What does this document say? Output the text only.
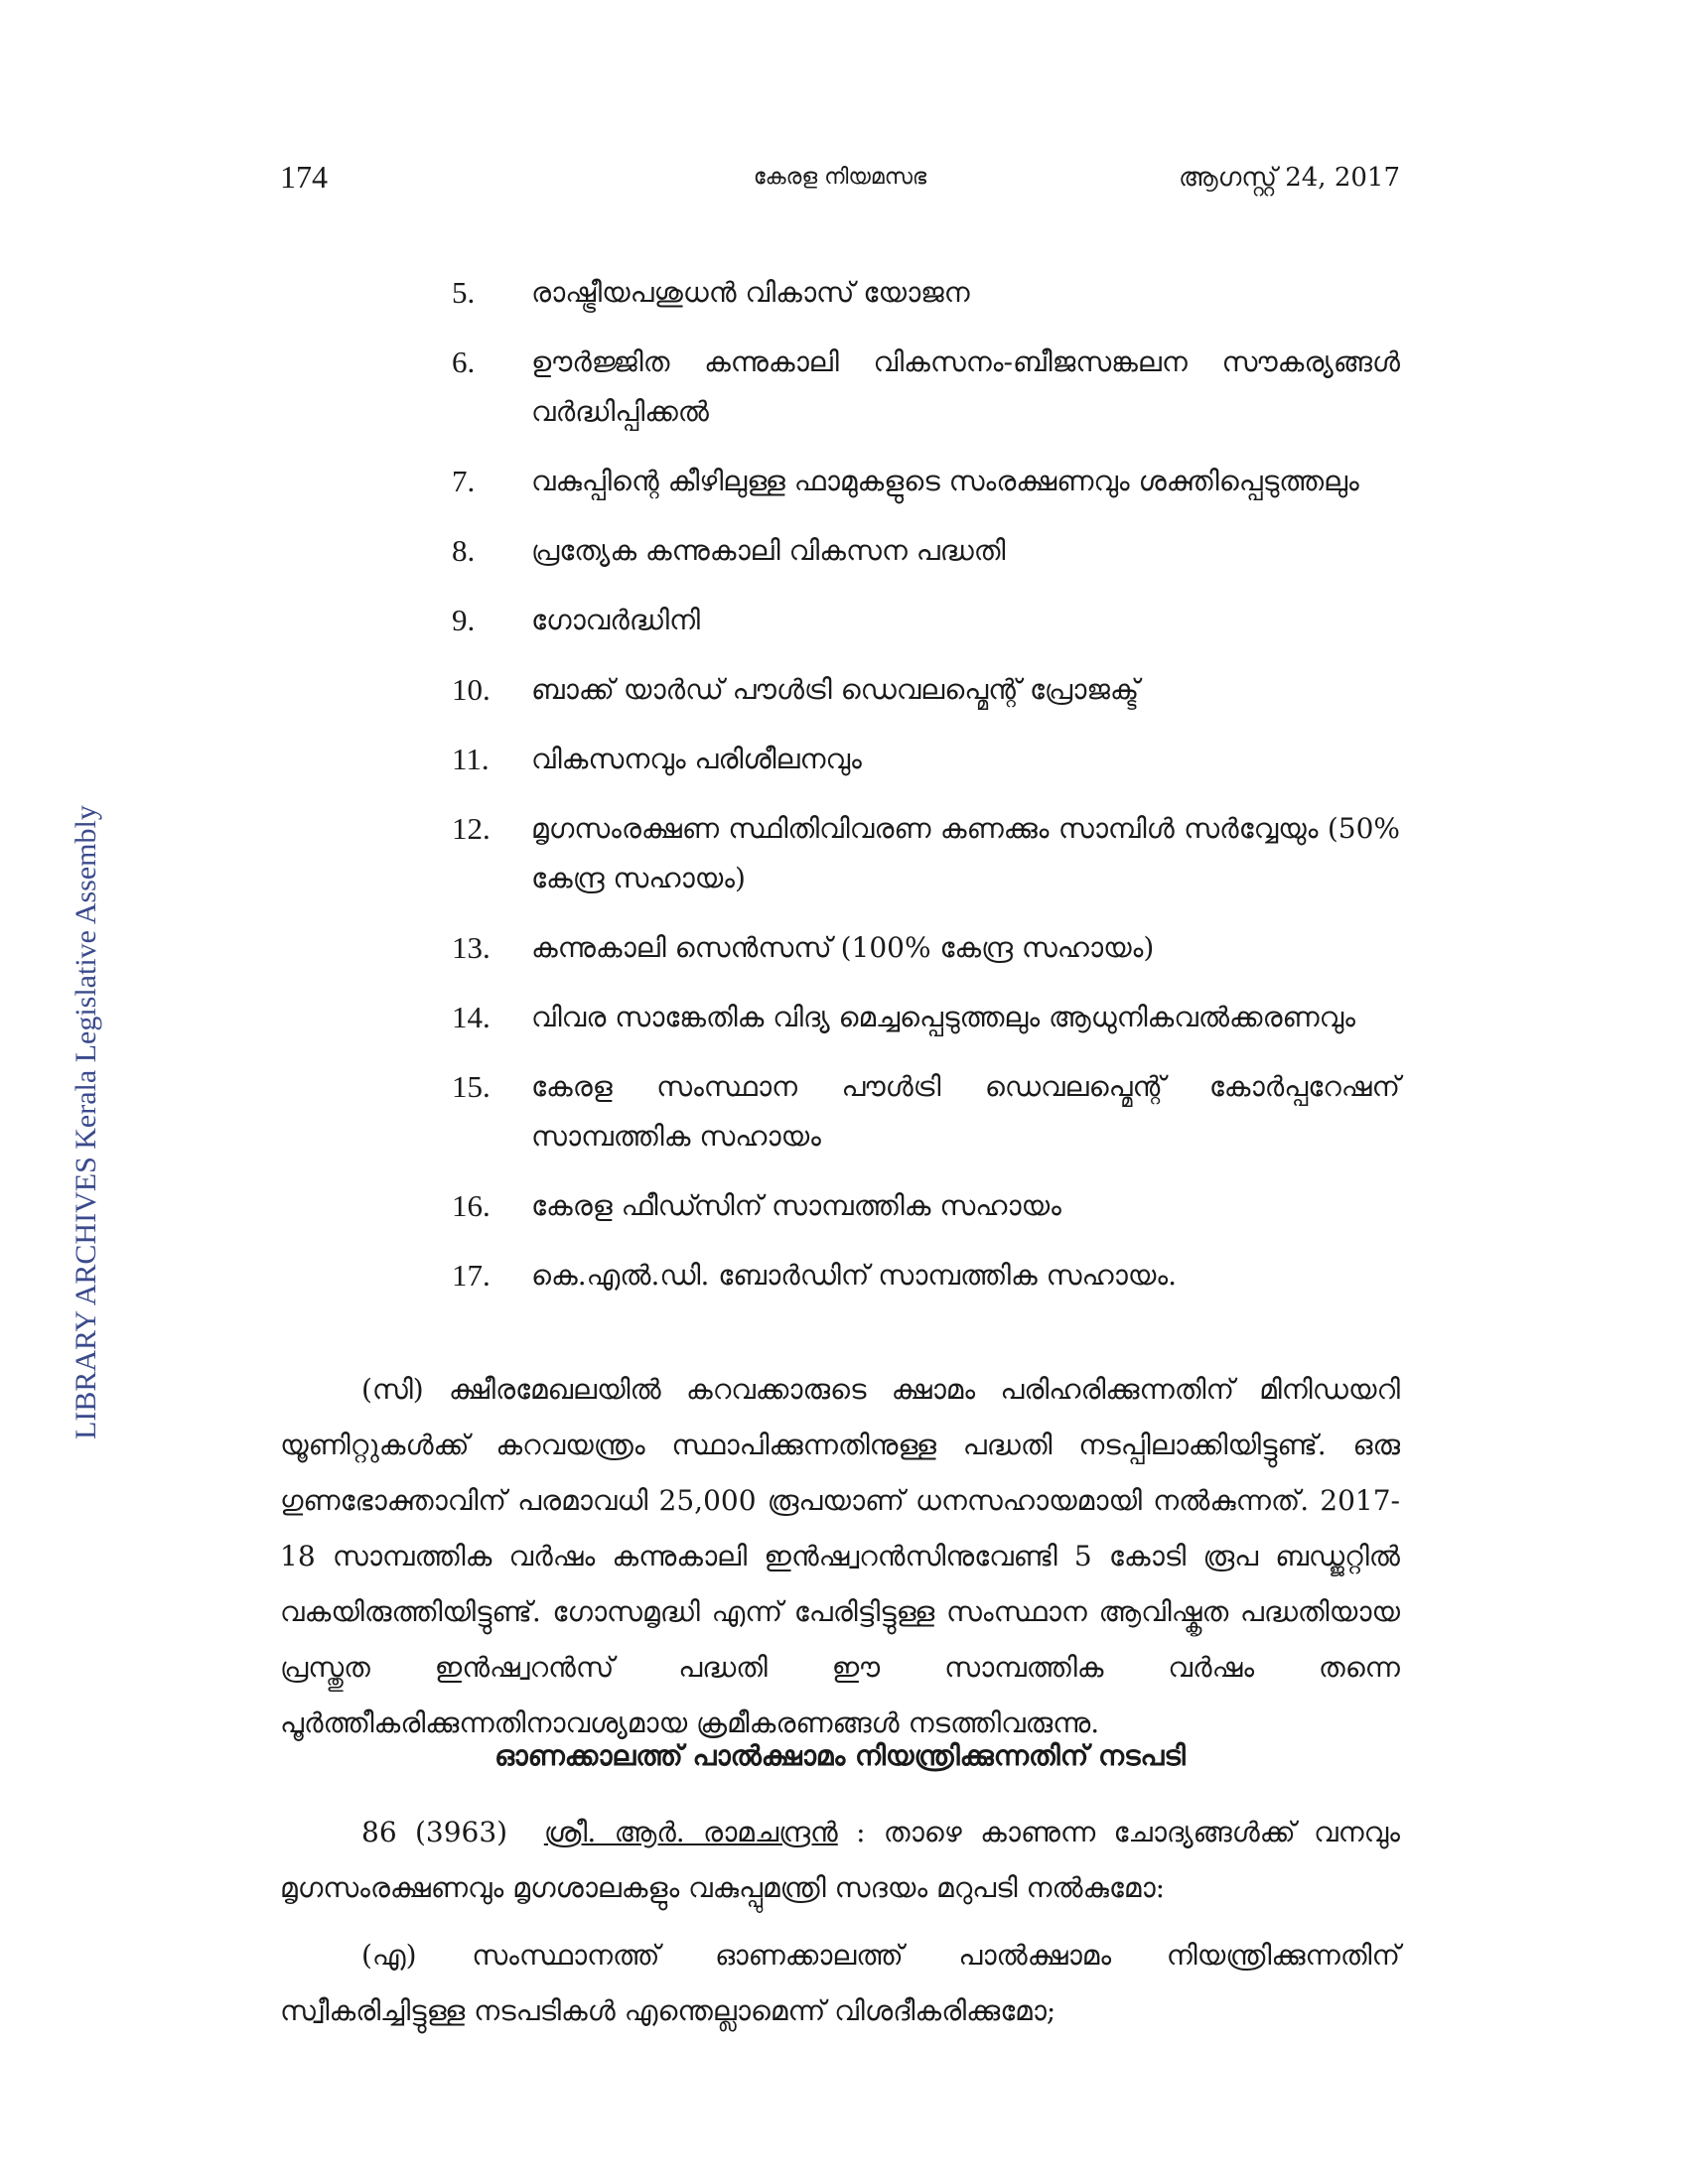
174	കേരള നിയമസഭ	ആഗസ്റ്റ് 24, 2017
LIBRARY ARCHIVES Kerala Legislative Assembly
5. രാഷ്ട്രീയപശുധൻ വികാസ് യോജന
6. ഊർജ്ജിത കന്നുകാലി വികസനം-ബീജസങ്കലന സൗകര്യങ്ങൾ വർദ്ധിപ്പിക്കൽ
7. വകുപ്പിന്റെ കീഴിലുള്ള ഫാമുകളുടെ സംരക്ഷണവും ശക്തിപ്പെടുത്തലും
8. പ്രത്യേക കന്നുകാലി വികസന പദ്ധതി
9. ഗോവർദ്ധിനി
10. ബാക്ക് യാർഡ് പൗൾട്രി ഡെവലപ്മെന്റ് പ്രോജക്ട്
11. വികസനവും പരിശീലനവും
12. മൃഗസംരക്ഷണ സ്ഥിതിവിവരണ കണക്കും സാമ്പിൾ സർവ്വേയും (50% കേന്ദ്ര സഹായം)
13. കന്നുകാലി സെൻസസ് (100% കേന്ദ്ര സഹായം)
14. വിവര സാങ്കേതിക വിദ്യ മെച്ചപ്പെടുത്തലും ആധുനികവൽക്കരണവും
15. കേരള സംസ്ഥാന പൗൾട്രി ഡെവലപ്മെന്റ് കോർപ്പറേഷന് സാമ്പത്തിക സഹായം
16. കേരള ഫീഡ്സിന് സാമ്പത്തിക സഹായം
17. കെ.എൽ.ഡി. ബോർഡിന് സാമ്പത്തിക സഹായം.
(സി) ക്ഷീരമേഖലയിൽ കറവക്കാരുടെ ക്ഷാമം പരിഹരിക്കുന്നതിന് മിനിഡയറി യൂണിറ്റുകൾക്ക് കറവയന്ത്രം സ്ഥാപിക്കുന്നതിനുള്ള പദ്ധതി നടപ്പിലാക്കിയിട്ടുണ്ട്. ഒരു ഗുണഭോക്താവിന് പരമാവധി 25,000 രൂപയാണ് ധനസഹായമായി നൽകുന്നത്. 2017-18 സാമ്പത്തിക വർഷം കന്നുകാലി ഇൻഷ്വറൻസിനുവേണ്ടി 5 കോടി രൂപ ബഡ്ജറ്റിൽ വകയിരുത്തിയിട്ടുണ്ട്. ഗോസമൃദ്ധി എന്ന് പേരിട്ടിട്ടുള്ള സംസ്ഥാന ആവിഷ്കൃത പദ്ധതിയായ പ്രസ്തുത ഇൻഷ്വറൻസ് പദ്ധതി ഈ സാമ്പത്തിക വർഷം തന്നെ പൂർത്തീകരിക്കുന്നതിനാവശ്യമായ ക്രമീകരണങ്ങൾ നടത്തിവരുന്നു.
ഓണക്കാലത്ത് പാൽക്ഷാമം നിയന്ത്രിക്കുന്നതിന് നടപടി
86 (3963) ശ്രീ. ആർ. രാമചന്ദ്രൻ : താഴെ കാണുന്ന ചോദ്യങ്ങൾക്ക് വനവും മൃഗസംരക്ഷണവും മൃഗശാലകളും വകുപ്പുമന്ത്രി സദയം മറുപടി നൽകുമോ:
(എ) സംസ്ഥാനത്ത് ഓണക്കാലത്ത് പാൽക്ഷാമം നിയന്ത്രിക്കുന്നതിന് സ്വീകരിച്ചിട്ടുള്ള നടപടികൾ എന്തെല്ലാമെന്ന് വിശദീകരിക്കുമോ;
